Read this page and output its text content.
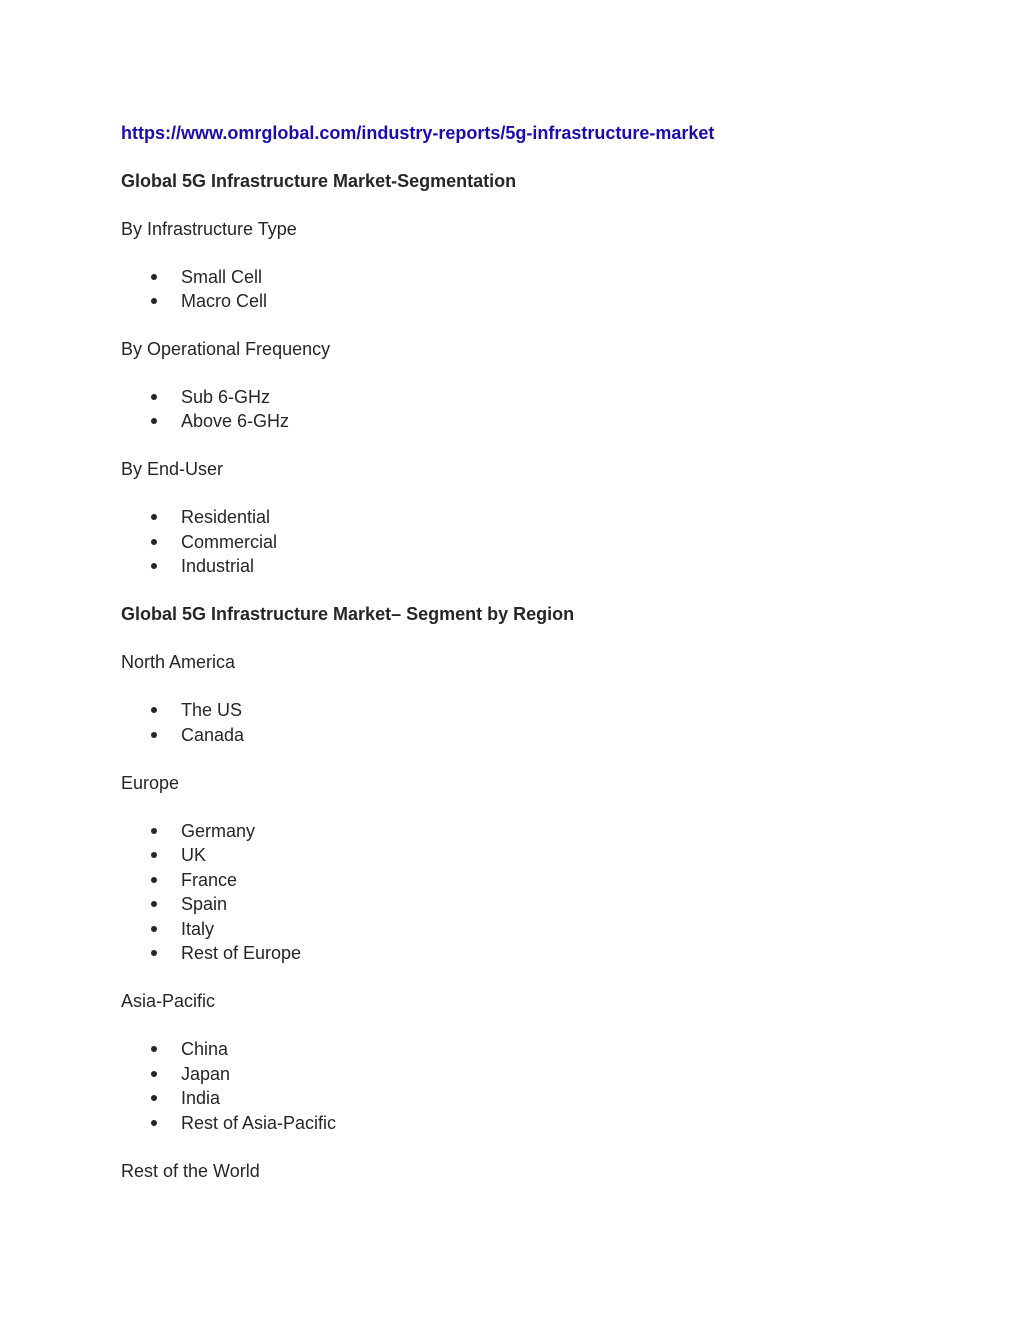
https://www.omrglobal.com/industry-reports/5g-infrastructure-market
Global 5G Infrastructure Market-Segmentation
By Infrastructure Type
Small Cell
Macro Cell
By Operational Frequency
Sub 6-GHz
Above 6-GHz
By End-User
Residential
Commercial
Industrial
Global 5G Infrastructure Market– Segment by Region
North America
The US
Canada
Europe
Germany
UK
France
Spain
Italy
Rest of Europe
Asia-Pacific
China
Japan
India
Rest of Asia-Pacific
Rest of the World
